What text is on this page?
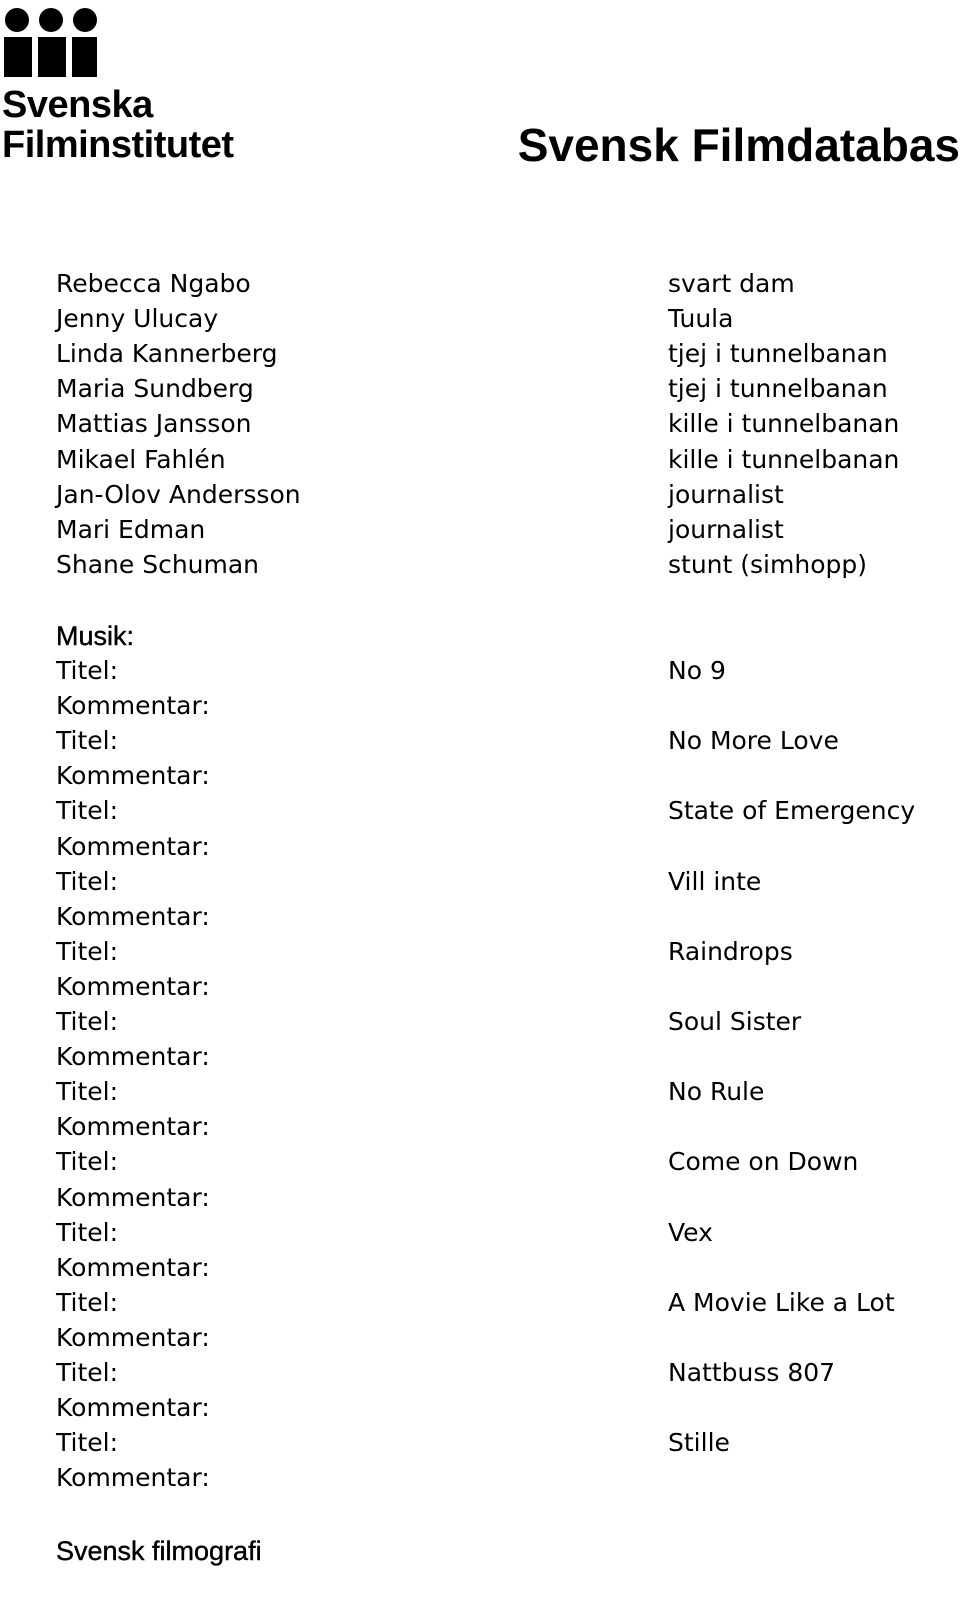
Svenska
Filminstitutet	Svensk Filmdatabas
Rebecca Ngabo	svart dam
Jenny Ulucay	Tuula
Linda Kannerberg	tjej i tunnelbanan
Maria Sundberg	tjej i tunnelbanan
Mattias Jansson	kille i tunnelbanan
Mikael Fahlén	kille i tunnelbanan
Jan-Olov Andersson	journalist
Mari Edman	journalist
Shane Schuman	stunt (simhopp)
Musik:
Titel:	No 9
Kommentar:
Titel:	No More Love
Kommentar:
Titel:	State of Emergency
Kommentar:
Titel:	Vill inte
Kommentar:
Titel:	Raindrops
Kommentar:
Titel:	Soul Sister
Kommentar:
Titel:	No Rule
Kommentar:
Titel:	Come on Down
Kommentar:
Titel:	Vex
Kommentar:
Titel:	A Movie Like a Lot
Kommentar:
Titel:	Nattbuss 807
Kommentar:
Titel:	Stille
Kommentar:
Svensk filmografi
